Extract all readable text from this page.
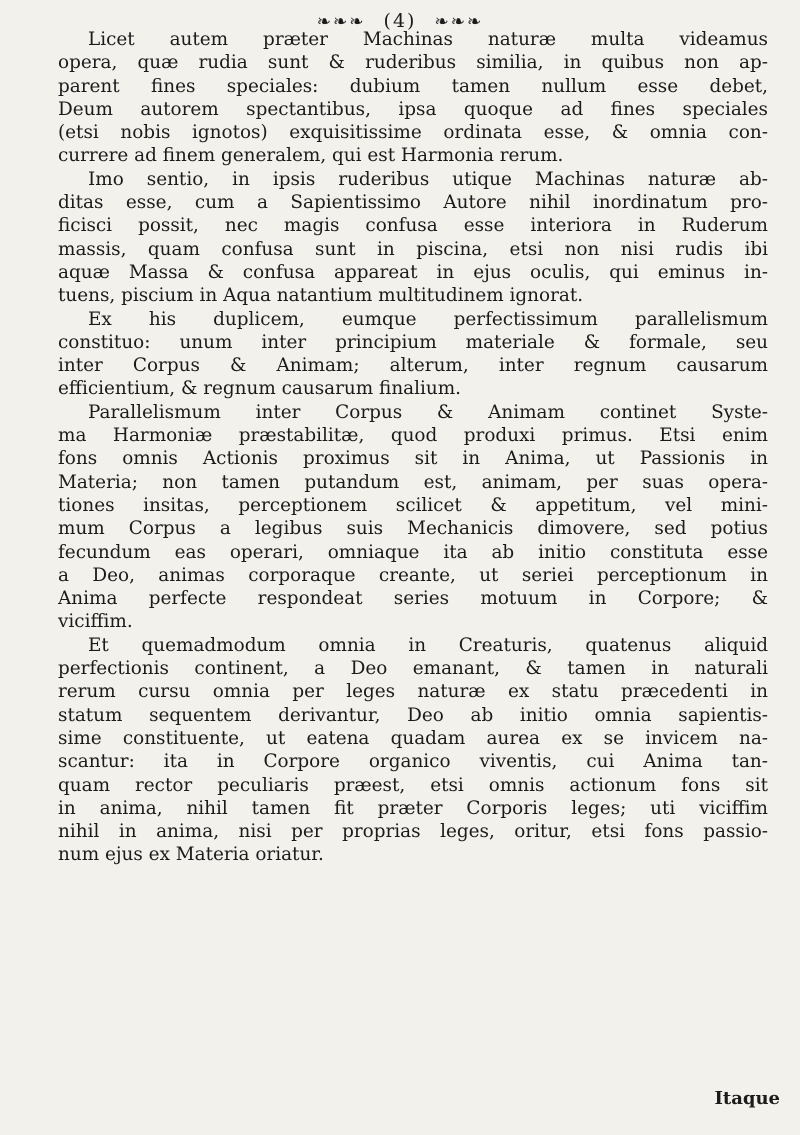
❧❧❧ (4) ❧❧❧
Licet autem præter Machinas naturæ multa videamus
opera, quæ rudia sunt & ruderibus similia, in quibus non ap-
parent fines speciales: dubium tamen nullum esse debet,
Deum autorem spectantibus, ipsa quoque ad fines speciales
(etsi nobis ignotos) exquisitissime ordinata esse, & omnia con-
currere ad finem generalem, qui est Harmonia rerum.
Imo sentio, in ipsis ruderibus utique Machinas naturæ ab-
ditas esse, cum a Sapientissimo Autore nihil inordinatum pro-
ficisci possit, nec magis confusa esse interiora in Ruderum
massis, quam confusa sunt in piscina, etsi non nisi rudis ibi
aquæ Massa & confusa appareat in ejus oculis, qui eminus in-
tuens, piscium in Aqua natantium multitudinem ignorat.
Ex his duplicem, eumque perfectissimum parallelismum
constituo: unum inter principium materiale & formale, seu
inter Corpus & Animam; alterum, inter regnum causarum
efficientium, & regnum causarum finalium.
Parallelismum inter Corpus & Animam continet Syste-
ma Harmoniæ præstabilitæ, quod produxi primus. Etsi enim
fons omnis Actionis proximus sit in Anima, ut Passionis in
Materia; non tamen putandum est, animam, per suas opera-
tiones insitas, perceptionem scilicet & appetitum, vel mini-
mum Corpus a legibus suis Mechanicis dimovere, sed potius
fecundum eas operari, omniaque ita ab initio constituta esse
a Deo, animas corporaque creante, ut seriei perceptionum in
Anima perfecte respondeat series motuum in Corpore; &
viciffim.
Et quemadmodum omnia in Creaturis, quatenus aliquid
perfectionis continent, a Deo emanant, & tamen in naturali
rerum cursu omnia per leges naturæ ex statu præcedenti in
statum sequentem derivantur, Deo ab initio omnia sapientis-
sime constituente, ut eatena quadam aurea ex se invicem na-
scantur: ita in Corpore organico viventis, cui Anima tan-
quam rector peculiaris præest, etsi omnis actionum fons sit
in anima, nihil tamen fit præter Corporis leges; uti viciffim
nihil in anima, nisi per proprias leges, oritur, etsi fons passio-
num ejus ex Materia oriatur.
Itaque
